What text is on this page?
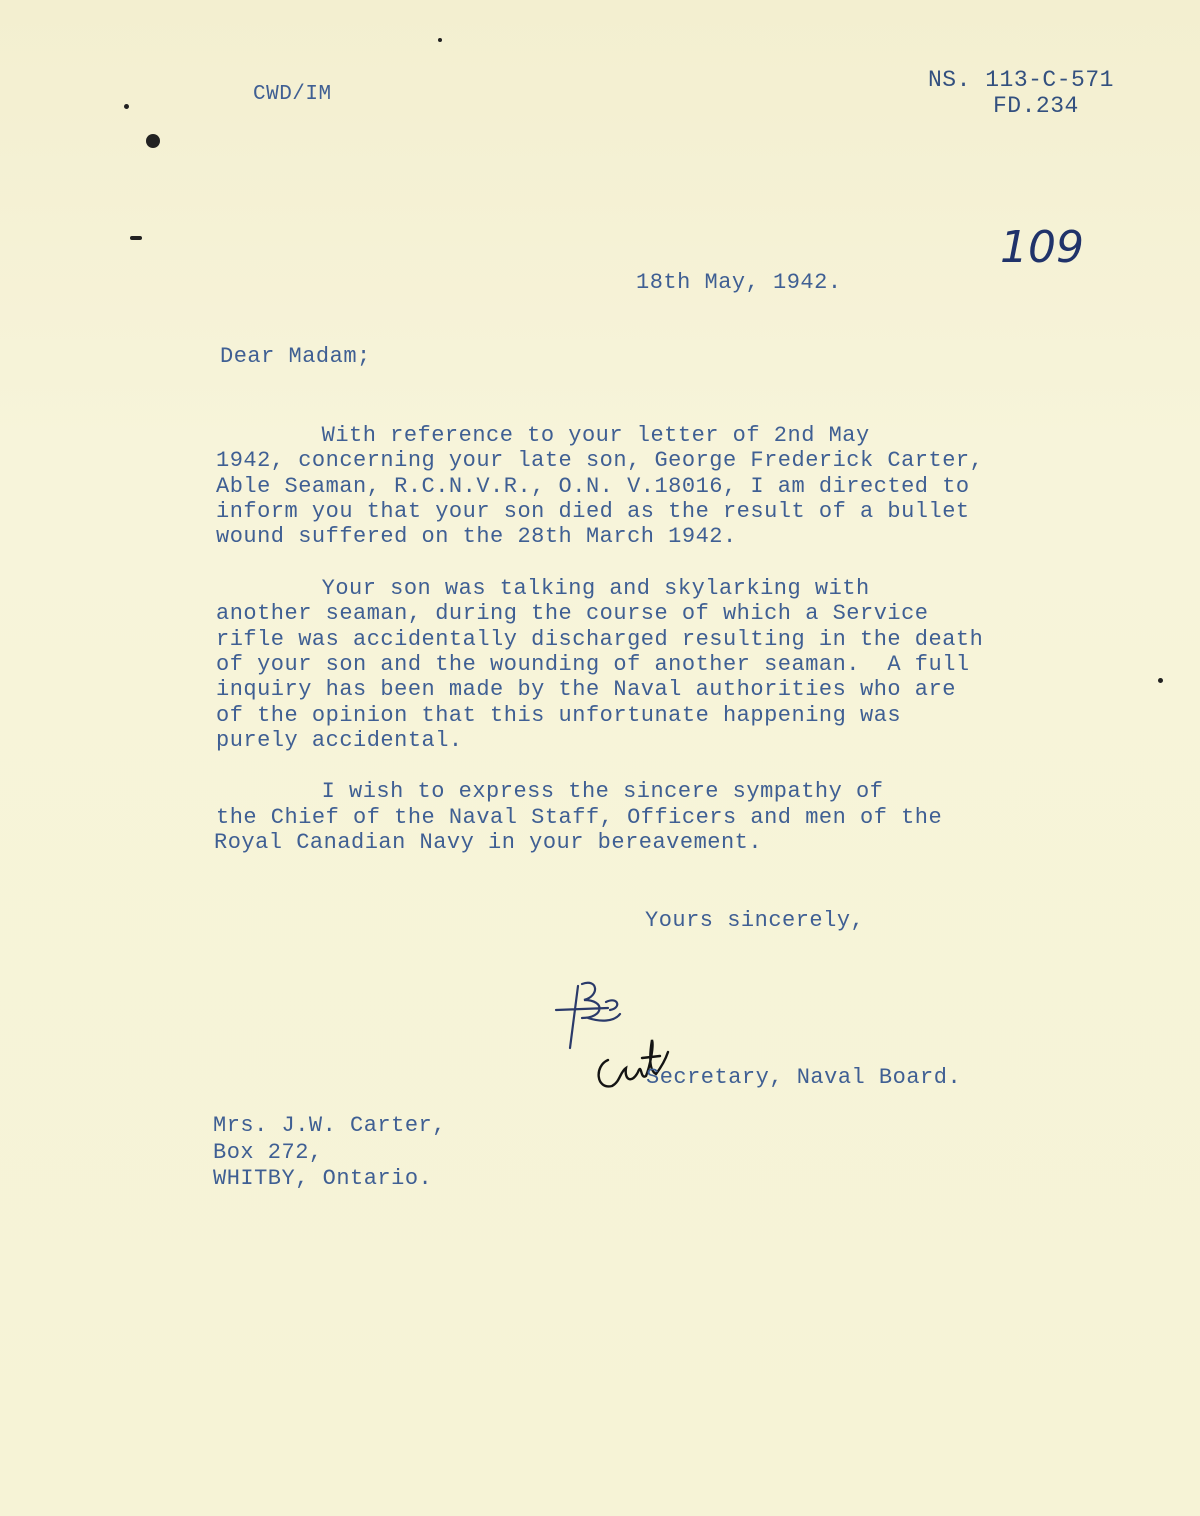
CWD/IM

NS. 113-C-571

FD.234

109

18th May, 1942.

Dear Madam;

With reference to your letter of 2nd May

1942, concerning your late son, George Frederick Carter,

Able Seaman, R.C.N.V.R., O.N. V.18016, I am directed to

inform you that your son died as the result of a bullet

wound suffered on the 28th March 1942.

Your son was talking and skylarking with

another seaman, during the course of which a Service

rifle was accidentally discharged resulting in the death

of your son and the wounding of another seaman.  A full

inquiry has been made by the Naval authorities who are

of the opinion that this unfortunate happening was

purely accidental.

I wish to express the sincere sympathy of

the Chief of the Naval Staff, Officers and men of the

Royal Canadian Navy in your bereavement.

Yours sincerely,

Secretary, Naval Board.

Mrs. J.W. Carter,

Box 272,

WHITBY, Ontario.
